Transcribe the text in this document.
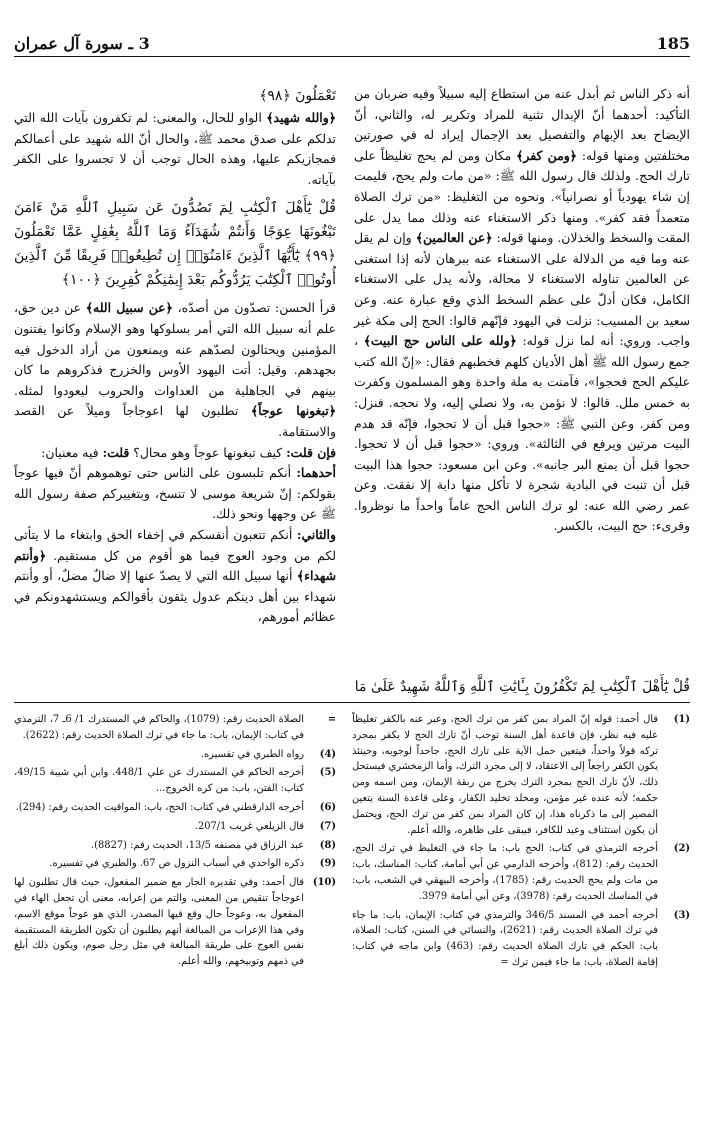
185
3 ـ سورة آل عمران

أنه ذكر الناس ثم أبدل عنه من استطاع إليه سبيلاً وفيه ضربان من التأكيد: أحدهما أنّ الإبدال تثنية للمراد وتكرير له، والثاني، أنّ الإيضاح بعد الإبهام والتفصيل بعد الإجمال إيراد له في صورتين مختلفتين ومنها قوله: ﴿ومن كفر﴾ مكان ومن لم يحج تغليظاً على تارك الحج. ولذلك قال رسول الله ﷺ: «من مات ولم يحج، فليمت إن شاء يهودياً أو نصرانياً». ونحوه من التغليظ: «من ترك الصلاة متعمداً فقد كفر». ومنها ذكر الاستغناء عنه وذلك مما يدل على المقت والسخط والخذلان. ومنها قوله: ﴿عن العالمين﴾ وإن لم يقل عنه وما فيه من الدلالة على الاستغناء عنه ببرهان لأنه إذا استغنى عن العالمين تناوله الاستغناء لا محالة، ولأنه يدل على الاستغناء الكامل، فكان أدلّ على عظم السخط الذي وقع عبارة عنه. وعن سعيد بن المسيب: نزلت في اليهود فإنّهم قالوا: الحج إلى مكة غير واجب. وروي: أنه لما نزل قوله: ﴿ولله على الناس حج البيت﴾ ، جمع رسول الله ﷺ أهل الأديان كلهم فخطبهم فقال: «إنّ الله كتب عليكم الحج فحجوا»، فآمنت به ملة واحدة وهو المسلمون وكفرت به خمس ملل. قالوا: لا نؤمن به، ولا نصلي إليه، ولا نحجه. فنزل: ومن كفر. وعن النبي ﷺ: «حجوا قبل أن لا تحجوا، فإنّه قد هدم البيت مرتين ويرفع في الثالثة». وروي: «حجوا قبل أن لا تحجوا. حجوا قبل أن يمنع البر جانبه». وعن ابن مسعود: حجوا هذا البيت قبل أن تنبت في البادية شجرة لا تأكل منها دابة إلا نفقت. وعن عمر رضي الله عنه: لو ترك الناس الحج عاماً واحداً ما نوظروا. وقرىء: حج البيت، بالكسر.

قُلْ يَٰٓأَهْلَ ٱلْكِتَٰبِ لِمَ تَكْفُرُونَ بِـَٔايَٰتِ ٱللَّهِ وَٱللَّهُ شَهِيدٌ عَلَىٰ مَا

تَعْمَلُونَ ﴿٩٨﴾

﴿والله شهيد﴾ الواو للحال، والمعنى: لم تكفرون بآيات الله التي تدلكم على صدق محمد ﷺ، والحال أنّ الله شهيد على أعمالكم فمجازيكم عليها، وهذه الحال توجب أن لا تجسروا على الكفر بآياته.

قُلْ يَٰٓأَهْلَ ٱلْكِتَٰبِ لِمَ تَصُدُّونَ عَن سَبِيلِ ٱللَّهِ مَنْ ءَامَنَ تَبْغُونَهَا عِوَجًا وَأَنتُمْ شُهَدَآءُ وَمَا ٱللَّهُ بِغَٰفِلٍ عَمَّا تَعْمَلُونَ ﴿٩٩﴾ يَٰٓأَيُّهَا ٱلَّذِينَ ءَامَنُوٓا۟ إِن تُطِيعُوا۟ فَرِيقًا مِّنَ ٱلَّذِينَ أُوتُوا۟ ٱلْكِتَٰبَ يَرُدُّوكُم بَعْدَ إِيمَٰنِكُمْ كَٰفِرِينَ ﴿١٠٠﴾

قرأ الحسن: تصدّون من أصدّه، ﴿عن سبيل الله﴾ عن دين حق، علم أنه سبيل الله التي أمر بسلوكها وهو الإسلام وكانوا يفتنون المؤمنين ويحتالون لصدّهم عنه ويمنعون من أراد الدخول فيه بجهدهم. وقيل: أتت اليهود الأوس والخزرج فذكروهم ما كان بينهم في الجاهلية من العداوات والحروب ليعودوا لمثله. ﴿تبغونها عوجاً﴾ تطلبون لها اعوجاجاً وميلاً عن القصد والاستقامة.

فإن قلت: كيف تبغونها عوجاً وهو محال؟ قلت: فيه معنيان:

أحدهما: أنكم تلبسون على الناس حتى توهموهم أنّ فيها عوجاً بقولكم: إنّ شريعة موسى لا تنسخ، وبتغييركم صفة رسول الله ﷺ عن وجهها ونحو ذلك.

والثاني: أنكم تتعبون أنفسكم في إخفاء الحق وابتغاء ما لا يتأتى لكم من وجود العوج فيما هو أقوم من كل مستقيم. ﴿وأنتم شهداء﴾ أنها سبيل الله التي لا يصدّ عنها إلا ضالٌ مضلٌ، أو وأنتم شهداء بين أهل دينكم عدول يثقون بأقوالكم ويستشهدونكم في عظائم أمورهم،

(1)
قال أحمد: قوله إنّ المراد بمن كفر من ترك الحج، وعبر عنه بالكفر تغليظاً عليه فيه نظر، فإن قاعدة أهل السنة توجب أنّ تارك الحج لا يكفر بمجرد تركه قولاً واحداً، فيتعين حمل الآية على تارك الحج، جاحداً لوجوبه، وحينئذ يكون الكفر راجعاً إلى الاعتقاد، لا إلى مجرد الترك، وأما الزمخشري فيستحل ذلك، لأنّ تارك الحج بمجرد الترك يخرج من ربقة الإيمان، ومن اسمه ومن حكمه؛ لأنه عنده غير مؤمن، ومخلد تخليد الكفار، وعلى قاعدة السنة يتعين المصير إلى ما ذكرناه هذا، إن كان المراد بمن كفر من ترك الحج، ويحتمل أن يكون استئناف وعيد للكافر، فيبقى على ظاهره، والله أعلم.
(2)
أخرجه الترمذي في كتاب: الحج باب: ما جاء في التغليظ في ترك الحج، الحديث رقم: (812)، وأخرجه الدارمي عن أبي أمامة، كتاب: المناسك، باب: من مات ولم يحج الحديث رقم: (1785)، وأخرجه البيهقي في الشعب، باب: في المناسك الحديث رقم: (3978)، وعن أبي أمامة 3979.
(3)
أخرجه أحمد في المسند 346/5 والترمذي في كتاب: الإيمان، باب: ما جاء في ترك الصلاة الحديث رقم: (2621)، والنسائي في السنن، كتاب: الصلاة، باب: الحكم في تارك الصلاة الحديث رقم: (463) وابن ماجه في كتاب: إقامة الصلاة، باب: ما جاء فيمن ترك =
=
الصلاة الحديث رقم: (1079)، والحاكم في المستدرك 1/ 6ـ 7، الترمذي في كتاب: الإيمان، باب: ما جاء في ترك الصلاة الحديث رقم: (2622).
(4)
رواه الطبري في تفسيره.
(5)
أخرجه الحاكم في المستدرك عن علي 448/1. وابن أبي شيبة 49/15، كتاب: الفتن، باب: من كره الخروج...
(6)
أخرجه الدارقطني في كتاب: الحج، باب: المواقيت الحديث رقم: (294).
(7)
قال الزيلعي غريب 207/1.
(8)
عبد الرزاق في مصنفه 13/5، الحديث رقم: (8827).
(9)
ذكره الواحدي في أسباب النزول ص 67. والطبري في تفسيره.
(10)
قال أحمد: وفي تقديره الجار مع ضمير المفعول، حيث قال تطلبون لها اعوجاجاً تنقيص من المعنى، والتم من إعرابه، معنى أن تجعل الهاء في المفعول به، وعوجاً حال وقع فيها المصدر، الذي هو عوجاً موقع الاسم، وفي هذا الإعراب من المبالغة أنهم يطلبون أن تكون الطريقة المستقيمة نفس العوج على طريقة المبالغة في مثل رجل صوم، ويكون ذلك أبلغ في ذمهم وتوبيخهم، والله أعلم.
